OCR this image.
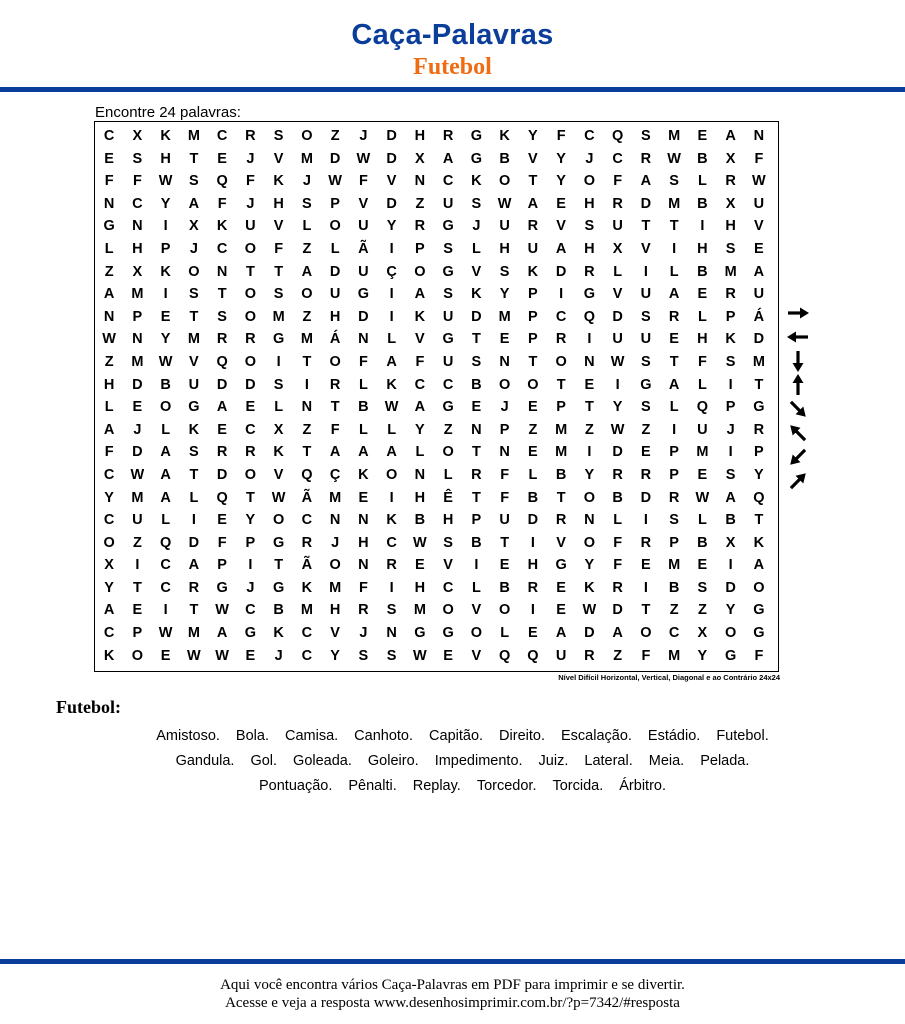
Caça-Palavras
Futebol
Encontre 24 palavras:
C	X	K	M	C	R	S	O	Z	J	D	H	R	G	K	Y	F	C	Q	S	M	E	A	N
E	S	H	T	E	J	V	M	D	W	D	X	A	G	B	V	Y	J	C	R	W	B	X	F
F	F	W	S	Q	F	K	J	W	F	V	N	C	K	O	T	Y	O	F	A	S	L	R	W
N	C	Y	A	F	J	H	S	P	V	D	Z	U	S	W	A	E	H	R	D	M	B	X	U
G	N	I	X	K	U	V	L	O	U	Y	R	G	J	U	R	V	S	U	T	T	I	H	V
L	H	P	J	C	O	F	Z	L	Ã	I	P	S	L	H	U	A	H	X	V	I	H	S	E
Z	X	K	O	N	T	T	A	D	U	Ç	O	G	V	S	K	D	R	L	I	L	B	M	A
A	M	I	S	T	O	S	O	U	G	I	A	S	K	Y	P	I	G	V	U	A	E	R	U
N	P	E	T	S	O	M	Z	H	D	I	K	U	D	M	P	C	Q	D	S	R	L	P	Á
W	N	Y	M	R	R	G	M	Á	N	L	V	G	T	E	P	R	I	U	U	E	H	K	D
Z	M	W	V	Q	O	I	T	O	F	A	F	U	S	N	T	O	N	W	S	T	F	S	M
H	D	B	U	D	D	S	I	R	L	K	C	C	B	O	O	T	E	I	G	A	L	I	T
L	E	O	G	A	E	L	N	T	B	W	A	G	E	J	E	P	T	Y	S	L	Q	P	G
A	J	L	K	E	C	X	Z	F	L	L	Y	Z	N	P	Z	M	Z	W	Z	I	U	J	R
F	D	A	S	R	R	K	T	A	A	A	L	O	T	N	E	M	I	D	E	P	M	I	P
C	W	A	T	D	O	V	Q	Ç	K	O	N	L	R	F	L	B	Y	R	R	P	E	S	Y
Y	M	A	L	Q	T	W	Ã	M	E	I	H	Ê	T	F	B	T	O	B	D	R	W	A	Q
C	U	L	I	E	Y	O	C	N	N	K	B	H	P	U	D	R	N	L	I	S	L	B	T
O	Z	Q	D	F	P	G	R	J	H	C	W	S	B	T	I	V	O	F	R	P	B	X	K
X	I	C	A	P	I	T	Ã	O	N	R	E	V	I	E	H	G	Y	F	E	M	E	I	A
Y	T	C	R	G	J	G	K	M	F	I	H	C	L	B	R	E	K	R	I	B	S	D	O
A	E	I	T	W	C	B	M	H	R	S	M	O	V	O	I	E	W	D	T	Z	Z	Y	G
C	P	W	M	A	G	K	C	V	J	N	G	G	O	L	E	A	D	A	O	C	X	O	G
K	O	E	W	W	E	J	C	Y	S	S	W	E	V	Q	Q	U	R	Z	F	M	Y	G	F
Nível Difícil Horizontal, Vertical, Diagonal e ao Contrário 24x24
Futebol:
Amistoso. Bola. Camisa. Canhoto. Capitão. Direito. Escalação. Estádio. Futebol.
Gandula. Gol. Goleada. Goleiro. Impedimento. Juiz. Lateral. Meia. Pelada.
Pontuação. Pênalti. Replay. Torcedor. Torcida. Árbitro.
Aqui você encontra vários Caça-Palavras em PDF para imprimir e se divertir.
Acesse e veja a resposta www.desenhosimprimir.com.br/?p=7342/#resposta
